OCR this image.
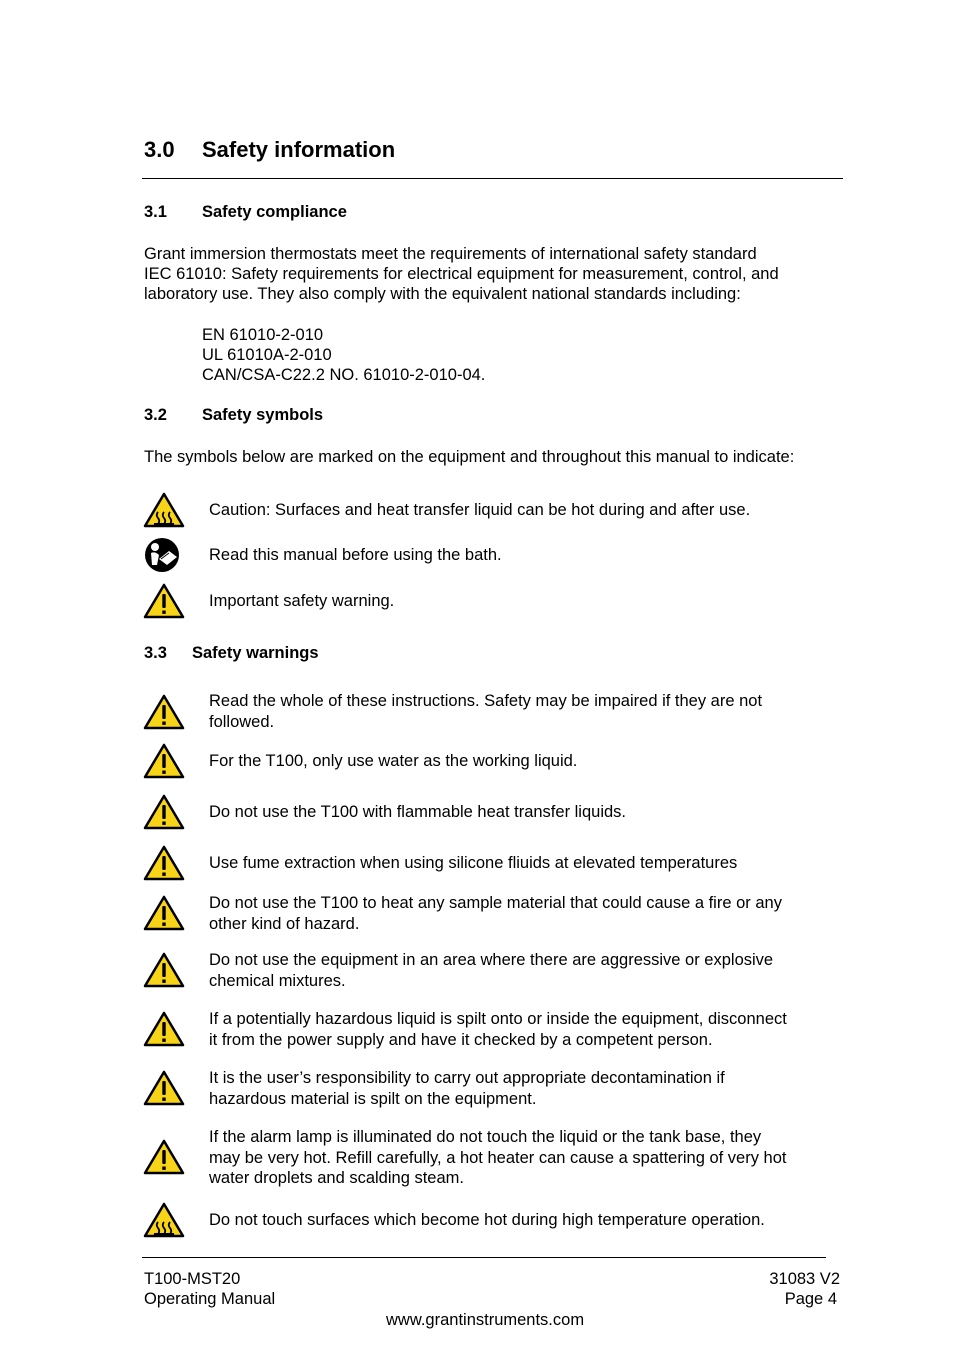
3.0 Safety information
3.1 Safety compliance
Grant immersion thermostats meet the requirements of international safety standard
IEC 61010: Safety requirements for electrical equipment for measurement, control, and
laboratory use. They also comply with the equivalent national standards including:
EN 61010-2-010
UL 61010A-2-010
CAN/CSA-C22.2 NO. 61010-2-010-04.
3.2 Safety symbols
The symbols below are marked on the equipment and throughout this manual to indicate:
Caution: Surfaces and heat transfer liquid can be hot during and after use.
Read this manual before using the bath.
Important safety warning.
3.3 Safety warnings
Read the whole of these instructions. Safety may be impaired if they are not
followed.
For the T100, only use water as the working liquid.
Do not use the T100 with flammable heat transfer liquids.
Use fume extraction when using silicone fliuids at elevated temperatures
Do not use the T100 to heat any sample material that could cause a fire or any
other kind of hazard.
Do not use the equipment in an area where there are aggressive or explosive
chemical mixtures.
If a potentially hazardous liquid is spilt onto or inside the equipment, disconnect
it from the power supply and have it checked by a competent person.
It is the user’s responsibility to carry out appropriate decontamination if
hazardous material is spilt on the equipment.
If the alarm lamp is illuminated do not touch the liquid or the tank base, they
may be very hot. Refill carefully, a hot heater can cause a spattering of very hot
water droplets and scalding steam.
Do not touch surfaces which become hot during high temperature operation.
T100-MST20
Operating Manual
31083 V2
Page 4
www.grantinstruments.com
